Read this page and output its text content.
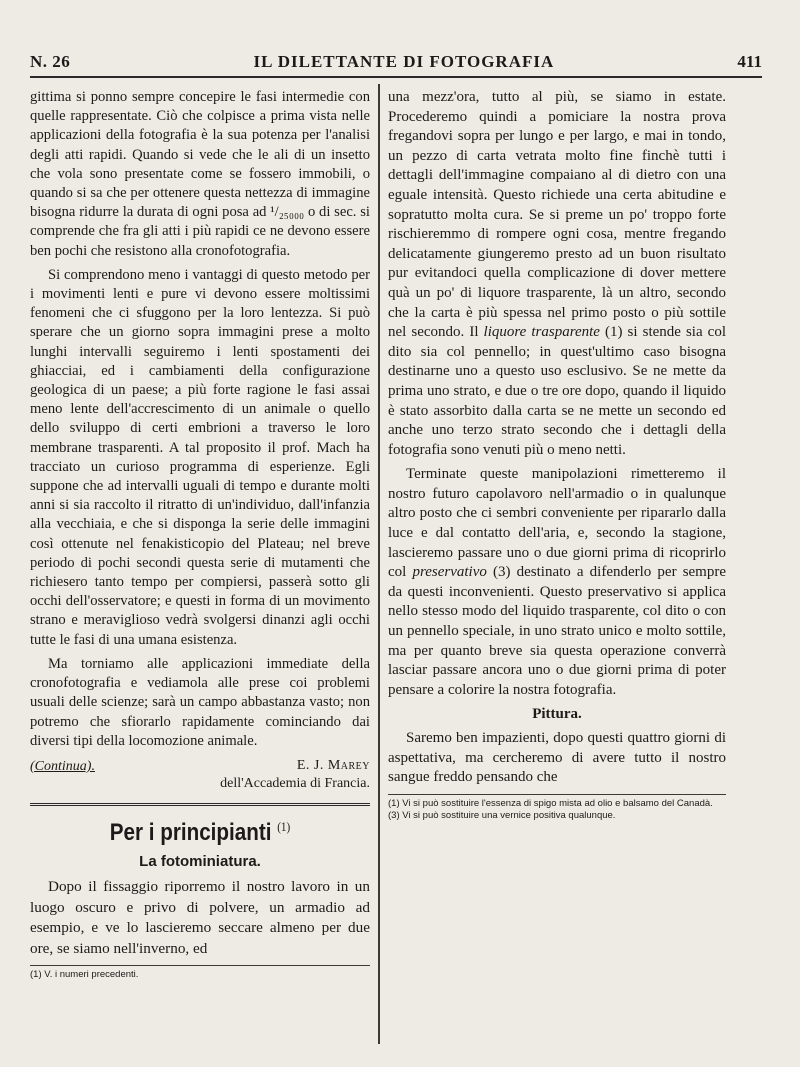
N. 26	IL DILETTANTE DI FOTOGRAFIA	411

gittima si ponno sempre concepire le fasi intermedie con quelle rappresentate. Ciò che colpisce a prima vista nelle applicazioni della fotografia è la sua potenza per l'analisi degli atti rapidi. Quando si vede che le ali di un insetto che vola sono presentate come se fossero immobili, o quando si sa che per ottenere questa nettezza di immagine bisogna ridurre la durata di ogni posa ad ¹/₂₅₀₀₀ o di sec. si comprende che fra gli atti i più rapidi ce ne devono essere ben pochi che resistono alla cronofotografia.

Si comprendono meno i vantaggi di questo metodo per i movimenti lenti e pure vi devono essere moltissimi fenomeni che ci sfuggono per la loro lentezza. Si può sperare che un giorno sopra immagini prese a molto lunghi intervalli seguiremo i lenti spostamenti dei ghiacciai, ed i cambiamenti della configurazione geologica di un paese; a più forte ragione le fasi assai meno lente dell'accrescimento di un animale o quello dello sviluppo di certi embrioni a traverso le loro membrane trasparenti. A tal proposito il prof. Mach ha tracciato un curioso programma di esperienze. Egli suppone che ad intervalli uguali di tempo e durante molti anni si sia raccolto il ritratto di un'individuo, dall'infanzia alla vecchiaia, e che si disponga la serie delle immagini così ottenute nel fenakisticopio del Plateau; nel breve periodo di pochi secondi questa serie di mutamenti che richiesero tanto tempo per compiersi, passerà sotto gli occhi dell'osservatore; e questi in forma di un movimento strano e meraviglioso vedrà svolgersi dinanzi agli occhi tutte le fasi di una umana esistenza.

Ma torniamo alle applicazioni immediate della cronofotografia e vediamola alle prese coi problemi usuali delle scienze; sarà un campo abbastanza vasto; non potremo che sfiorarlo rapidamente cominciando dai diversi tipi della locomozione animale.

(Continua).	E. J. Marey
dell'Accademia di Francia.
Per i principianti $^{(1)}$
La fotominiatura.

Dopo il fissaggio riporremo il nostro lavoro in un luogo oscuro e privo di polvere, un armadio ad esempio, e ve lo lascieremo seccare almeno per due ore, se siamo nell'inverno, ed

(1) V. i numeri precedenti.

una mezz'ora, tutto al più, se siamo in estate. Procederemo quindi a pomiciare la nostra prova fregandovi sopra per lungo e per largo, e mai in tondo, un pezzo di carta vetrata molto fine finchè tutti i dettagli dell'immagine compaiano al di dietro con una eguale intensità. Questo richiede una certa abitudine e sopratutto molta cura. Se si preme un po' troppo forte rischieremmo di rompere ogni cosa, mentre fregando delicatamente giungeremo presto ad un buon risultato pur evitandoci quella complicazione di dover mettere quà un po' di liquore trasparente, là un altro, secondo che la carta è più spessa nel primo posto o più sottile nel secondo. Il liquore trasparente (1) si stende sia col dito sia col pennello; in quest'ultimo caso bisogna destinarne uno a questo uso esclusivo. Se ne mette da prima uno strato, e due o tre ore dopo, quando il liquido è stato assorbito dalla carta se ne mette un secondo ed anche uno terzo strato secondo che i dettagli della fotografia sono venuti più o meno netti.

Terminate queste manipolazioni rimetteremo il nostro futuro capolavoro nell'armadio o in qualunque altro posto che ci sembri conveniente per ripararlo dalla luce e dal contatto dell'aria, e, secondo la stagione, lascieremo passare uno o due giorni prima di ricoprirlo col preservativo (3) destinato a difenderlo per sempre da questi inconvenienti. Questo preservativo si applica nello stesso modo del liquido trasparente, col dito o con un pennello speciale, in uno strato unico e molto sottile, ma per quanto breve sia questa operazione converrà lasciar passare ancora uno o due giorni prima di poter pensare a colorire la nostra fotografia.

Pittura.

Saremo ben impazienti, dopo questi quattro giorni di aspettativa, ma cercheremo di avere tutto il nostro sangue freddo pensando che

(1) Vi si può sostituire l'essenza di spigo mista ad olio e balsamo del Canadà.
(3) Vi si può sostituire una vernice positiva qualunque.
